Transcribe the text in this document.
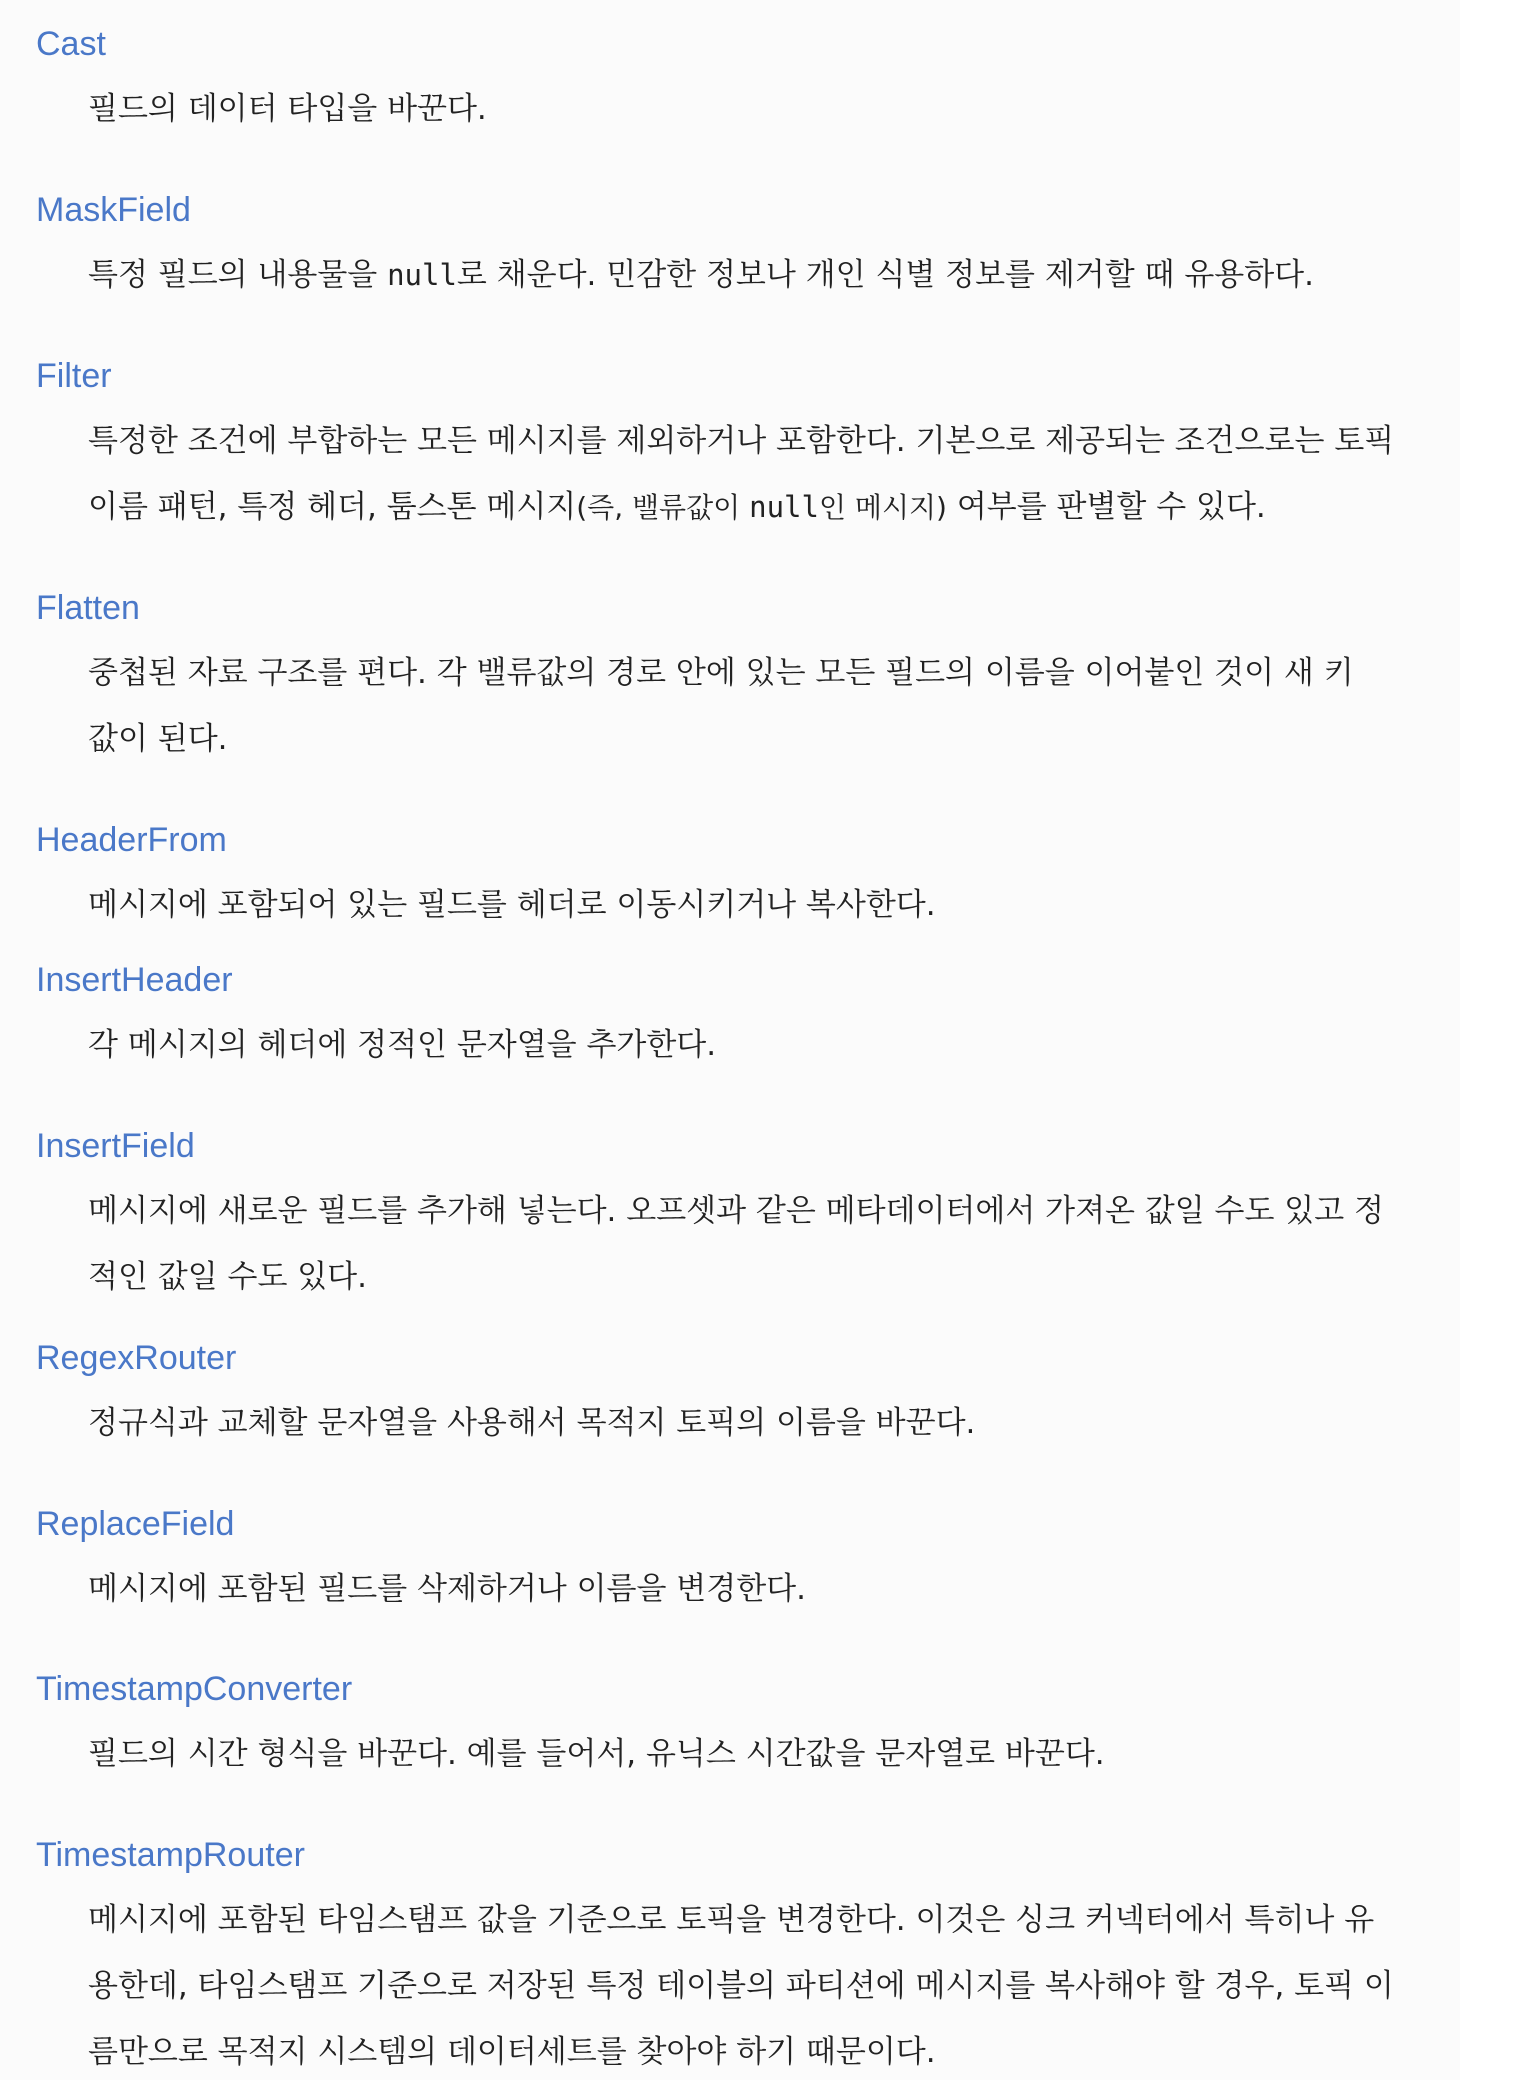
Cast
필드의 데이터 타입을 바꾼다.
MaskField
특정 필드의 내용물을 null로 채운다. 민감한 정보나 개인 식별 정보를 제거할 때 유용하다.
Filter
특정한 조건에 부합하는 모든 메시지를 제외하거나 포함한다. 기본으로 제공되는 조건으로는 토픽
이름 패턴, 특정 헤더, 툼스톤 메시지(즉, 밸류값이 null인 메시지) 여부를 판별할 수 있다.
Flatten
중첩된 자료 구조를 편다. 각 밸류값의 경로 안에 있는 모든 필드의 이름을 이어붙인 것이 새 키
값이 된다.
HeaderFrom
메시지에 포함되어 있는 필드를 헤더로 이동시키거나 복사한다.
InsertHeader
각 메시지의 헤더에 정적인 문자열을 추가한다.
InsertField
메시지에 새로운 필드를 추가해 넣는다. 오프셋과 같은 메타데이터에서 가져온 값일 수도 있고 정
적인 값일 수도 있다.
RegexRouter
정규식과 교체할 문자열을 사용해서 목적지 토픽의 이름을 바꾼다.
ReplaceField
메시지에 포함된 필드를 삭제하거나 이름을 변경한다.
TimestampConverter
필드의 시간 형식을 바꾼다. 예를 들어서, 유닉스 시간값을 문자열로 바꾼다.
TimestampRouter
메시지에 포함된 타임스탬프 값을 기준으로 토픽을 변경한다. 이것은 싱크 커넥터에서 특히나 유
용한데, 타임스탬프 기준으로 저장된 특정 테이블의 파티션에 메시지를 복사해야 할 경우, 토픽 이
름만으로 목적지 시스템의 데이터세트를 찾아야 하기 때문이다.
